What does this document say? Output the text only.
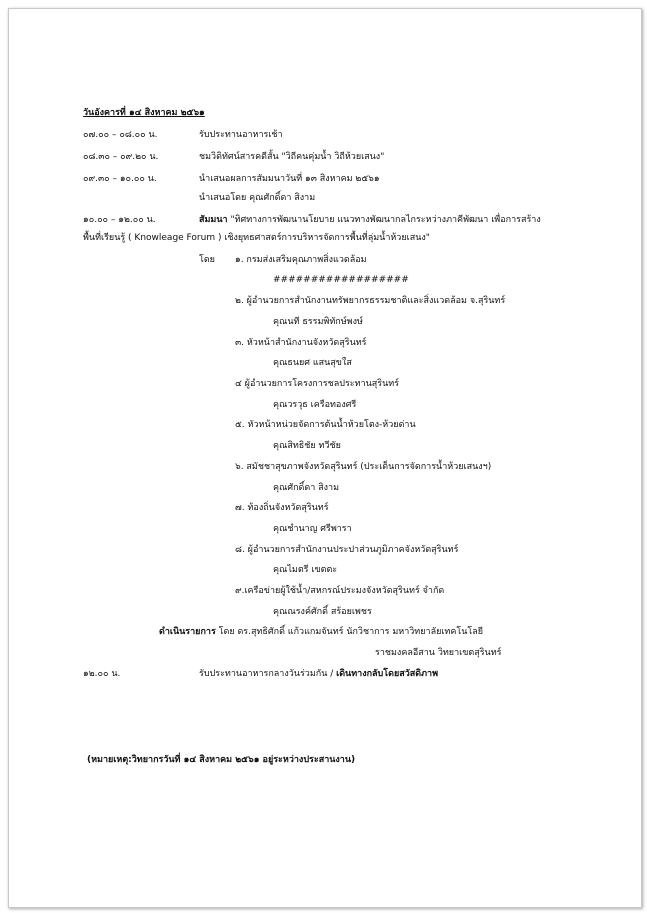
วันอังคารที่ ๑๔ สิงหาคม ๒๕๖๑
๐๗.๐๐ – ๐๘.๐๐ น.	รับประทานอาหารเช้า
๐๘.๓๐ – ๐๙.๒๐ น.	ชมวิดิทัศน์สารคดีสั้น "วิถีคนคุ่มน้ำ วิถีห้วยเสนง"
๐๙.๓๐ – ๑๐.๐๐ น.	นำเสนอผลการสัมมนาวันที่ ๑๓ สิงหาคม ๒๕๖๑
นำเสนอโดย คุณศักดิ์ดา สิงาม
๑๐.๐๐ – ๑๒.๐๐ น.	สัมมนา "ทิศทางการพัฒนานโยบาย แนวทางพัฒนากลไกระหว่างภาคีพัฒนา เพื่อการสร้าง
พื้นที่เรียนรู้ ( Knowleage Forum ) เชิงยุทธศาสตร์การบริหารจัดการพื้นที่ลุ่มน้ำห้วยเสนง"
โดย ๑. กรมส่งเสริมคุณภาพสิ่งแวดล้อม
##################
๒. ผู้อำนวยการสำนักงานทรัพยากรธรรมชาติและสิ่งแวดล้อม จ.สุรินทร์
คุณนที ธรรมพิทักษ์พงษ์
๓. หัวหน้าสำนักงานจังหวัดสุรินทร์
คุณธนยศ แสนสุขใส
๔ ผู้อำนวยการโครงการชลประทานสุรินทร์
คุณวรวุธ เครือทองศรี
๕. หัวหน้าหน่วยจัดการต้นน้ำห้วยโตง-ห้วยด่าน
คุณสิทธิชัย ทวีชัย
๖. สมัชชาสุขภาพจังหวัดสุรินทร์ (ประเด็นการจัดการน้ำห้วยเสนงฯ)
คุณศักดิ์ดา สิงาม
๗. ท้องถิ่นจังหวัดสุรินทร์
คุณชำนาญ ศรีพารา
๘. ผู้อำนวยการสำนักงานประปาส่วนภูมิภาคจังหวัดสุรินทร์
คุณไมตรี เขตตะ
๙.เครือข่ายผู้ใช้น้ำ/สหกรณ์ประมงจังหวัดสุรินทร์ จำกัด
คุณณรงค์ศักดิ์ สร้อยเพชร
ดำเนินรายการ โดย ดร.สุทธิศักดิ์ แก้วแกมจันทร์ นักวิชาการ มหาวิทยาลัยเทคโนโลยี
ราชมงคลอีสาน วิทยาเขตสุรินทร์
๑๒.๐๐ น.	รับประทานอาหารกลางวันร่วมกัน / เดินทางกลับโดยสวัสดิภาพ
(หมายเหตุ:วิทยากรวันที่ ๑๔ สิงหาคม ๒๕๖๑ อยู่ระหว่างประสานงาน)
